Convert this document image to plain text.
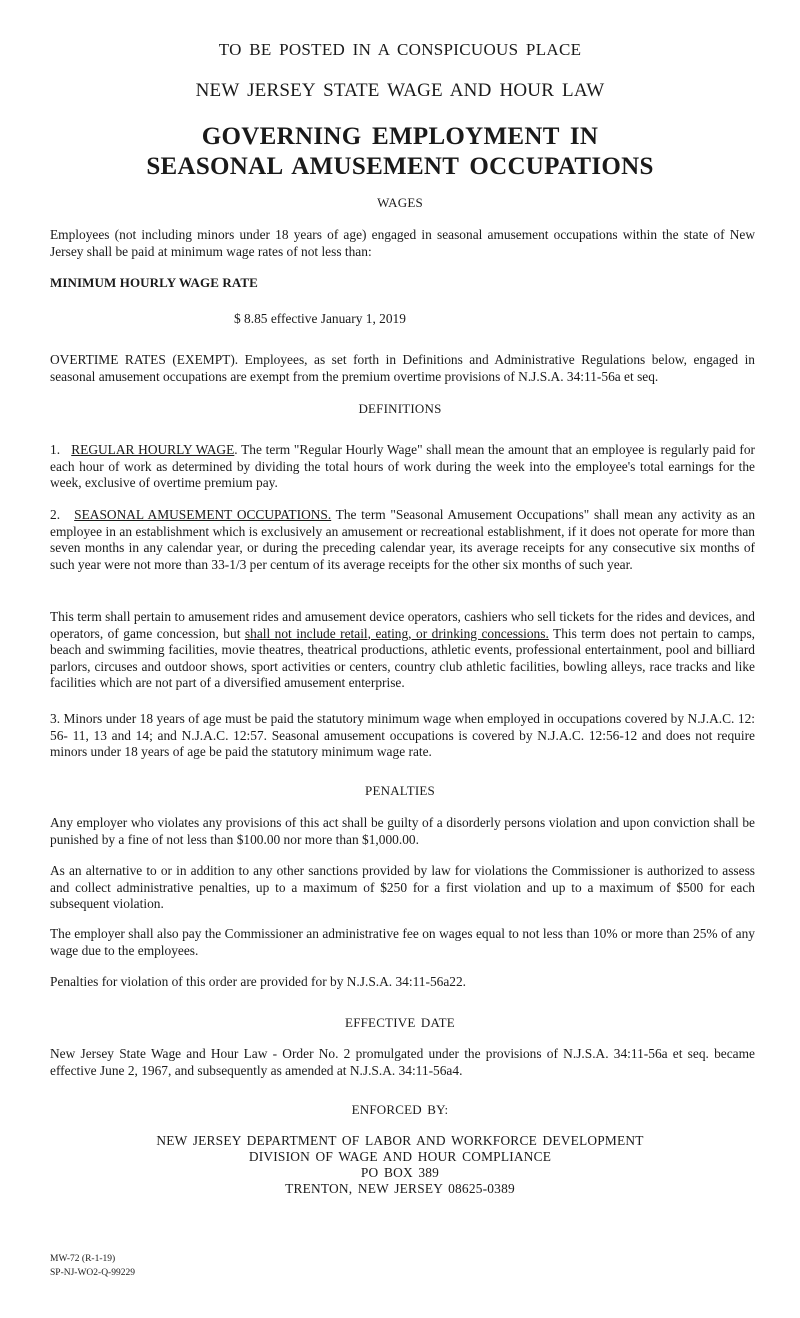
TO BE POSTED IN A CONSPICUOUS PLACE
NEW JERSEY STATE WAGE AND HOUR LAW
GOVERNING EMPLOYMENT IN
SEASONAL AMUSEMENT OCCUPATIONS
WAGES
Employees (not including minors under 18 years of age) engaged in seasonal amusement occupations within the state of New Jersey shall be paid at minimum wage rates of not less than:
MINIMUM HOURLY WAGE RATE
$ 8.85 effective January 1, 2019
OVERTIME RATES (EXEMPT). Employees, as set forth in Definitions and Administrative Regulations below, engaged in seasonal amusement occupations are exempt from the premium overtime provisions of N.J.S.A. 34:11-56a et seq.
DEFINITIONS
1. REGULAR HOURLY WAGE. The term "Regular Hourly Wage" shall mean the amount that an employee is regularly paid for each hour of work as determined by dividing the total hours of work during the week into the employee's total earnings for the week, exclusive of overtime premium pay.
2. SEASONAL AMUSEMENT OCCUPATIONS. The term "Seasonal Amusement Occupations" shall mean any activity as an employee in an establishment which is exclusively an amusement or recreational establishment, if it does not operate for more than seven months in any calendar year, or during the preceding calendar year, its average receipts for any consecutive six months of such year were not more than 33-1/3 per centum of its average receipts for the other six months of such year.
This term shall pertain to amusement rides and amusement device operators, cashiers who sell tickets for the rides and devices, and operators, of game concession, but shall not include retail, eating, or drinking concessions. This term does not pertain to camps, beach and swimming facilities, movie theatres, theatrical productions, athletic events, professional entertainment, pool and billiard parlors, circuses and outdoor shows, sport activities or centers, country club athletic facilities, bowling alleys, race tracks and like facilities which are not part of a diversified amusement enterprise.
3. Minors under 18 years of age must be paid the statutory minimum wage when employed in occupations covered by N.J.A.C. 12: 56- 11, 13 and 14; and N.J.A.C. 12:57. Seasonal amusement occupations is covered by N.J.A.C. 12:56-12 and does not require minors under 18 years of age be paid the statutory minimum wage rate.
PENALTIES
Any employer who violates any provisions of this act shall be guilty of a disorderly persons violation and upon conviction shall be punished by a fine of not less than $100.00 nor more than $1,000.00.
As an alternative to or in addition to any other sanctions provided by law for violations the Commissioner is authorized to assess and collect administrative penalties, up to a maximum of $250 for a first violation and up to a maximum of $500 for each subsequent violation.
The employer shall also pay the Commissioner an administrative fee on wages equal to not less than 10% or more than 25% of any wage due to the employees.
Penalties for violation of this order are provided for by N.J.S.A. 34:11-56a22.
EFFECTIVE DATE
New Jersey State Wage and Hour Law - Order No. 2 promulgated under the provisions of N.J.S.A. 34:11-56a et seq. became effective June 2, 1967, and subsequently as amended at N.J.S.A. 34:11-56a4.
ENFORCED BY:
NEW JERSEY DEPARTMENT OF LABOR AND WORKFORCE DEVELOPMENT
DIVISION OF WAGE AND HOUR COMPLIANCE
PO BOX 389
TRENTON, NEW JERSEY 08625-0389
MW-72 (R-1-19)
SP-NJ-WO2-Q-99229
